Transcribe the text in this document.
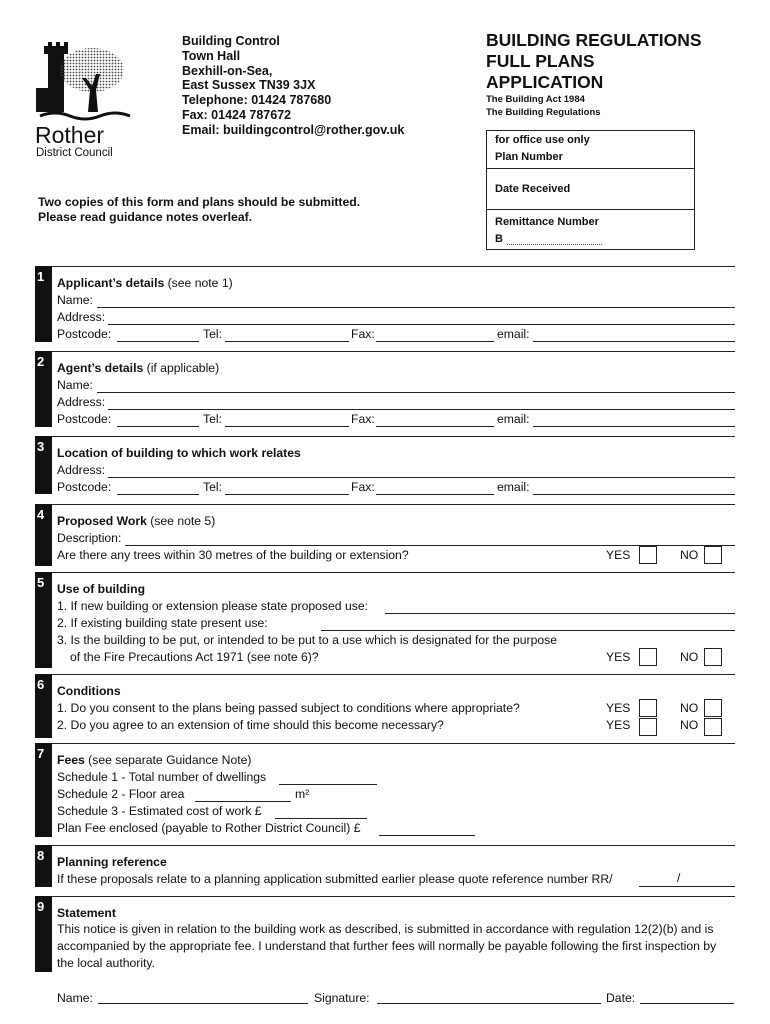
Rother
District Council
Building Control
Town Hall
Bexhill-on-Sea,
East Sussex TN39 3JX
Telephone: 01424 787680
Fax: 01424 787672
Email: buildingcontrol@rother.gov.uk
BUILDING REGULATIONS
FULL PLANS
APPLICATION
The Building Act 1984
The Building Regulations
for office use only
Plan Number
Date Received
Remittance Number
B
Two copies of this form and plans should be submitted.
Please read guidance notes overleaf.
1 Applicant’s details (see note 1)
Name:
Address:
Postcode:	Tel:	Fax:	email:
2 Agent’s details (if applicable)
Name:
Address:
Postcode:	Tel:	Fax:	email:
3 Location of building to which work relates
Address:
Postcode:	Tel:	Fax:	email:
4 Proposed Work (see note 5)
Description:
Are there any trees within 30 metres of the building or extension?	YES	NO
5 Use of building
1. If new building or extension please state proposed use:
2. If existing building state present use:
3. Is the building to be put, or intended to be put to a use which is designated for the purpose
of the Fire Precautions Act 1971 (see note 6)?	YES	NO
6 Conditions
1. Do you consent to the plans being passed subject to conditions where appropriate?	YES	NO
2. Do you agree to an extension of time should this become necessary?	YES	NO
7 Fees (see separate Guidance Note)
Schedule 1 - Total number of dwellings
Schedule 2 - Floor area	m²
Schedule 3 - Estimated cost of work £
Plan Fee enclosed (payable to Rother District Council) £
8 Planning reference
If these proposals relate to a planning application submitted earlier please quote reference number RR/	/
9 Statement
This notice is given in relation to the building work as described, is submitted in accordance with regulation 12(2)(b) and is accompanied by the appropriate fee. I understand that further fees will normally be payable following the first inspection by the local authority.
Name:	Signature:	Date:
